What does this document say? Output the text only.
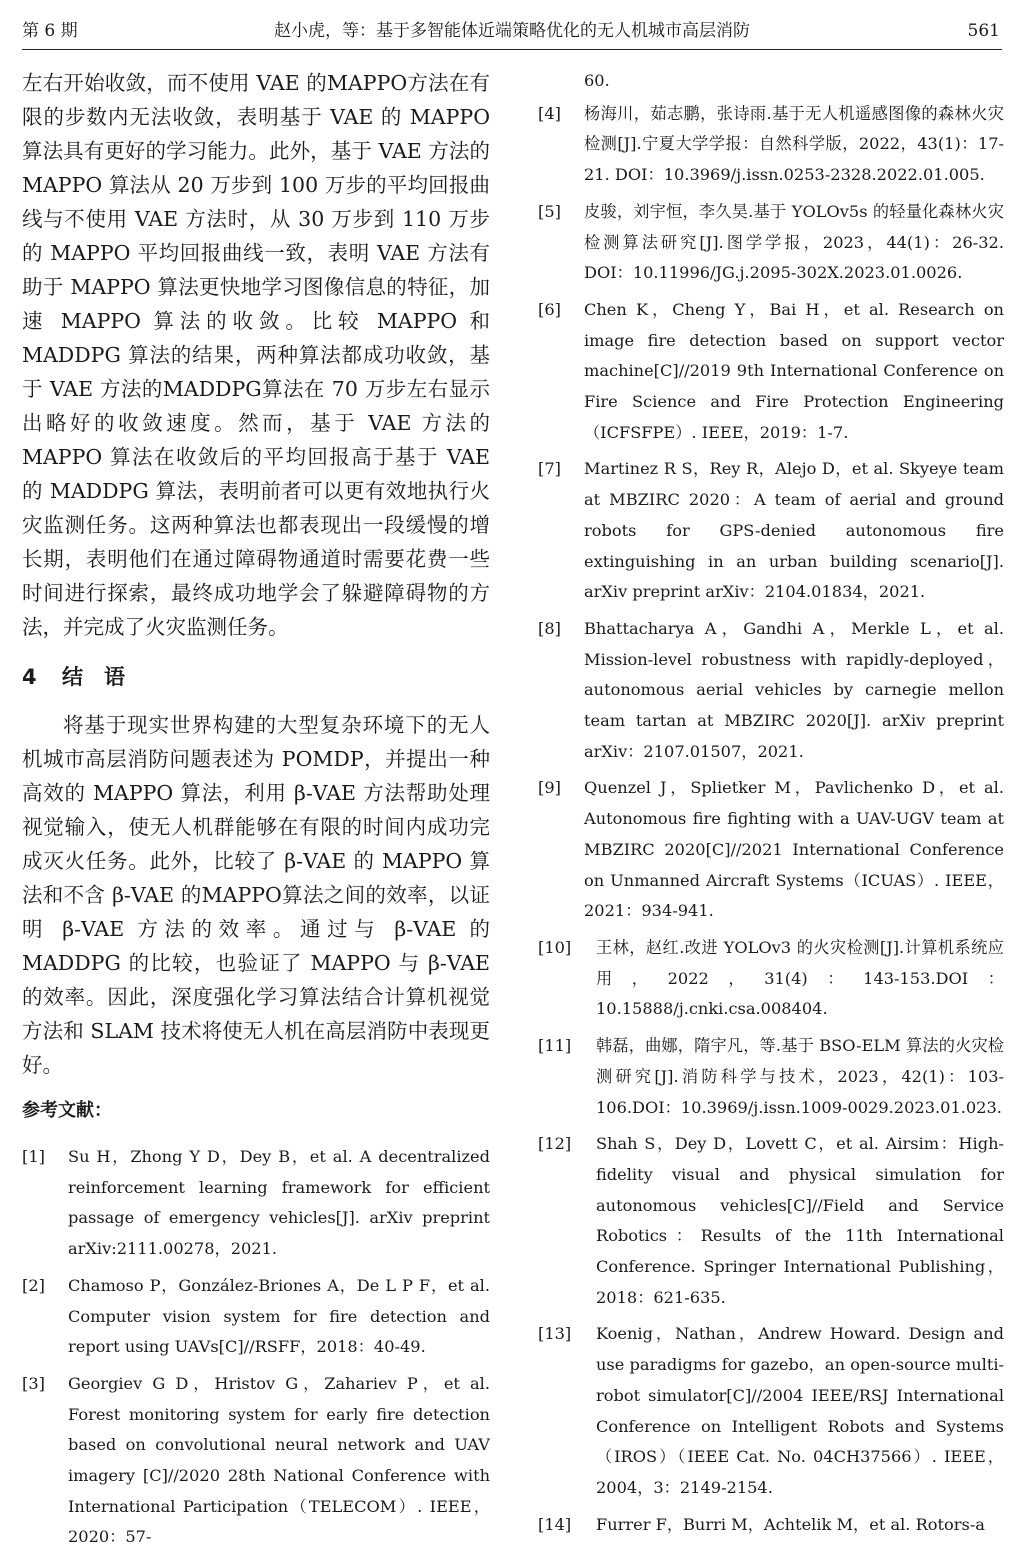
第 6 期	赵小虎，等：基于多智能体近端策略优化的无人机城市高层消防	561

左右开始收敛，而不使用 VAE 的MAPPO方法在有限的步数内无法收敛，表明基于 VAE 的 MAPPO 算法具有更好的学习能力。此外，基于 VAE 方法的 MAPPO 算法从 20 万步到 100 万步的平均回报曲线与不使用 VAE 方法时，从 30 万步到 110 万步的 MAPPO 平均回报曲线一致，表明 VAE 方法有助于 MAPPO 算法更快地学习图像信息的特征，加速 MAPPO 算法的收敛。比较 MAPPO 和 MADDPG 算法的结果，两种算法都成功收敛，基于 VAE 方法的MADDPG算法在 70 万步左右显示出略好的收敛速度。然而，基于 VAE 方法的 MAPPO 算法在收敛后的平均回报高于基于 VAE 的 MADDPG 算法，表明前者可以更有效地执行火灾监测任务。这两种算法也都表现出一段缓慢的增长期，表明他们在通过障碍物通道时需要花费一些时间进行探索，最终成功地学会了躲避障碍物的方法，并完成了火灾监测任务。

4 结　语

将基于现实世界构建的大型复杂环境下的无人机城市高层消防问题表述为 POMDP，并提出一种高效的 MAPPO 算法，利用 β-VAE 方法帮助处理视觉输入，使无人机群能够在有限的时间内成功完成灭火任务。此外，比较了 β-VAE 的 MAPPO 算法和不含 β-VAE 的MAPPO算法之间的效率，以证明 β-VAE 方法的效率。通过与 β-VAE 的 MADDPG 的比较，也验证了 MAPPO 与 β-VAE 的效率。因此，深度强化学习算法结合计算机视觉方法和 SLAM 技术将使无人机在高层消防中表现更好。

参考文献：
[1] Su H，Zhong Y D，Dey B，et al. A decentralized reinforcement learning framework for efficient passage of emergency vehicles[J]. arXiv preprint arXiv:2111.00278，2021.
[2] Chamoso P，González-Briones A，De L P F，et al. Computer vision system for fire detection and report using UAVs[C]//RSFF，2018：40-49.
[3] Georgiev G D，Hristov G，Zahariev P，et al. Forest monitoring system for early fire detection based on convolutional neural network and UAV imagery [C]//2020 28th National Conference with International Participation（TELECOM）. IEEE，2020：57-
60.
[4] 杨海川，茹志鹏，张诗雨.基于无人机遥感图像的森林火灾检测[J].宁夏大学学报：自然科学版，2022，43(1)：17-21. DOI：10.3969/j.issn.0253-2328.2022.01.005.
[5] 皮骏，刘宇恒，李久昊.基于 YOLOv5s 的轻量化森林火灾检测算法研究[J].图学学报，2023，44(1)：26-32. DOI：10.11996/JG.j.2095-302X.2023.01.0026.
[6] Chen K，Cheng Y，Bai H，et al. Research on image fire detection based on support vector machine[C]//2019 9th International Conference on Fire Science and Fire Protection Engineering（ICFSFPE）. IEEE，2019：1-7.
[7] Martinez R S，Rey R，Alejo D，et al. Skyeye team at MBZIRC 2020：A team of aerial and ground robots for GPS-denied autonomous fire extinguishing in an urban building scenario[J]. arXiv preprint arXiv：2104.01834，2021.
[8] Bhattacharya A，Gandhi A，Merkle L，et al. Mission-level robustness with rapidly-deployed，autonomous aerial vehicles by carnegie mellon team tartan at MBZIRC 2020[J]. arXiv preprint arXiv：2107.01507，2021.
[9] Quenzel J，Splietker M，Pavlichenko D，et al. Autonomous fire fighting with a UAV-UGV team at MBZIRC 2020[C]//2021 International Conference on Unmanned Aircraft Systems（ICUAS）. IEEE，2021：934-941.
[10] 王林，赵红.改进 YOLOv3 的火灾检测[J].计算机系统应用，2022，31(4)：143-153.DOI：10.15888/j.cnki.csa.008404.
[11] 韩磊，曲娜，隋宇凡，等.基于 BSO-ELM 算法的火灾检测研究[J].消防科学与技术，2023，42(1)：103-106.DOI：10.3969/j.issn.1009-0029.2023.01.023.
[12] Shah S，Dey D，Lovett C，et al. Airsim：High-fidelity visual and physical simulation for autonomous vehicles[C]//Field and Service Robotics：Results of the 11th International Conference. Springer International Publishing，2018：621-635.
[13] Koenig，Nathan，Andrew Howard. Design and use paradigms for gazebo，an open-source multi-robot simulator[C]//2004 IEEE/RSJ International Conference on Intelligent Robots and Systems（IROS）（IEEE Cat. No. 04CH37566）. IEEE，2004，3：2149-2154.
[14] Furrer F，Burri M，Achtelik M，et al. Rotors-a
